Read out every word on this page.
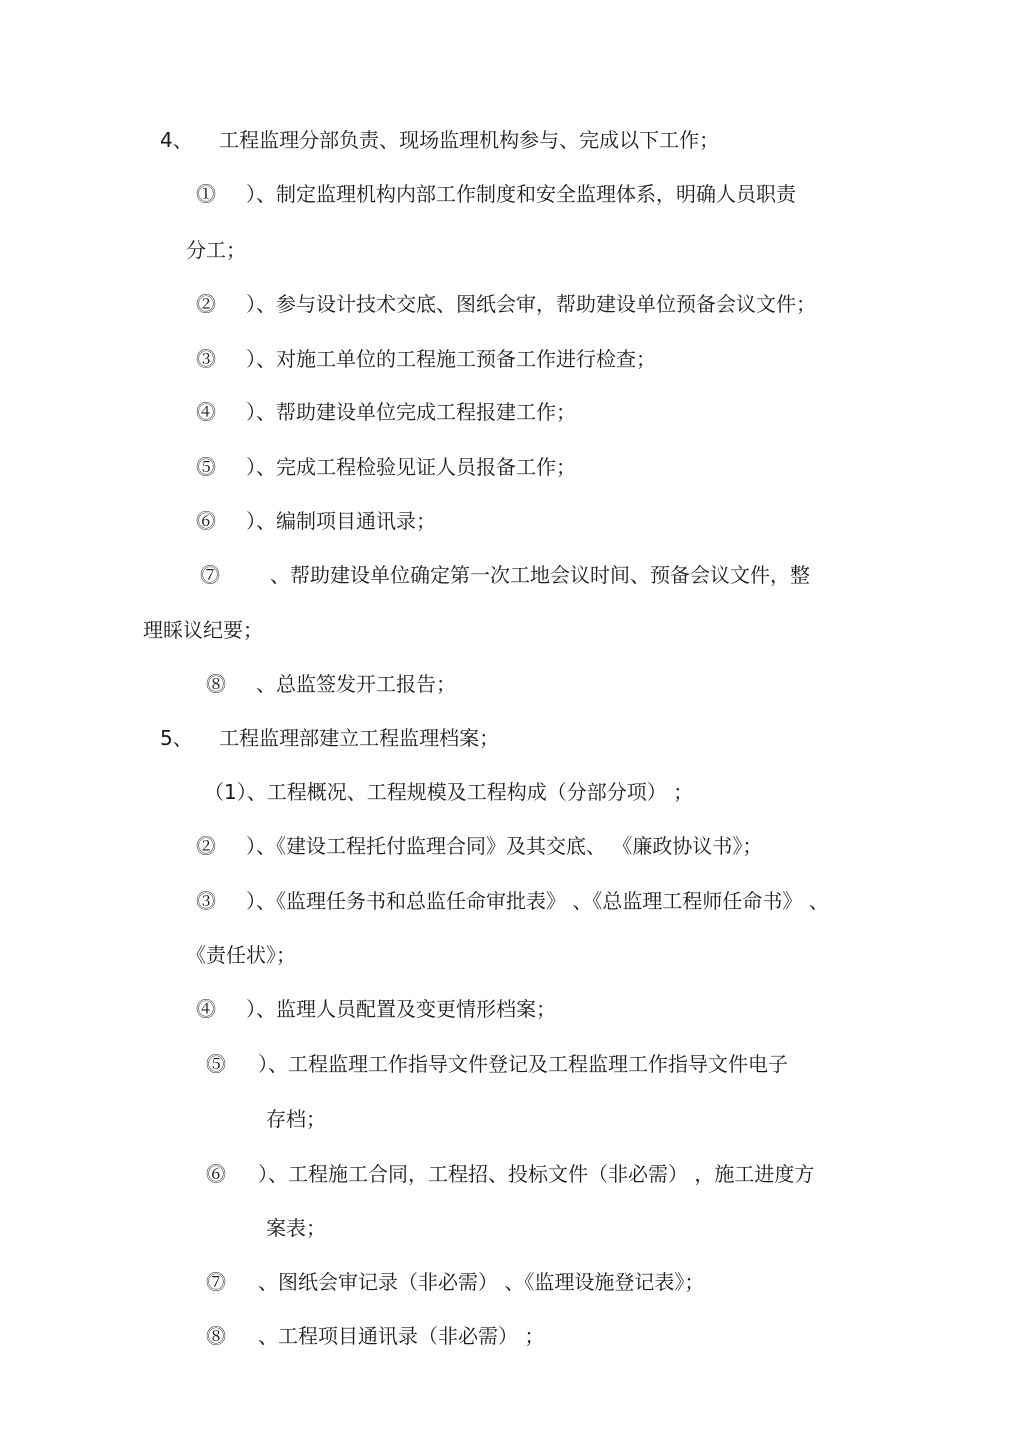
4、 工程监理分部负责、现场监理机构参与、完成以下工作；
⓵ ）、制定监理机构内部工作制度和安全监理体系，明确人员职责
分工；
⓶ ）、参与设计技术交底、图纸会审，帮助建设单位预备会议文件；
⓷ ）、对施工单位的工程施工预备工作进行检查；
⓸ ）、帮助建设单位完成工程报建工作；
⓹ ）、完成工程检验见证人员报备工作；
⓺ ）、编制项目通讯录；
⓻	、帮助建设单位确定第一次工地会议时间、预备会议文件，整
理睬议纪要；
⓼ 、总监签发开工报告；
5、 工程监理部建立工程监理档案；
（1）、工程概况、工程规模及工程构成（分部分项） ；
⓶ ）、《建设工程托付监理合同》及其交底、 《廉政协议书》；
⓷ ）、《监理任务书和总监任命审批表》 、《总监理工程师任命书》 、
《责任状》；
⓸ ）、监理人员配置及变更情形档案；
⓹ ）、工程监理工作指导文件登记及工程监理工作指导文件电子
存档；
⓺ ）、工程施工合同，工程招、投标文件（非必需） ，施工进度方
案表；
⓻ 、图纸会审记录（非必需） 、《监理设施登记表》；
⓼ 、工程项目通讯录（非必需） ；
